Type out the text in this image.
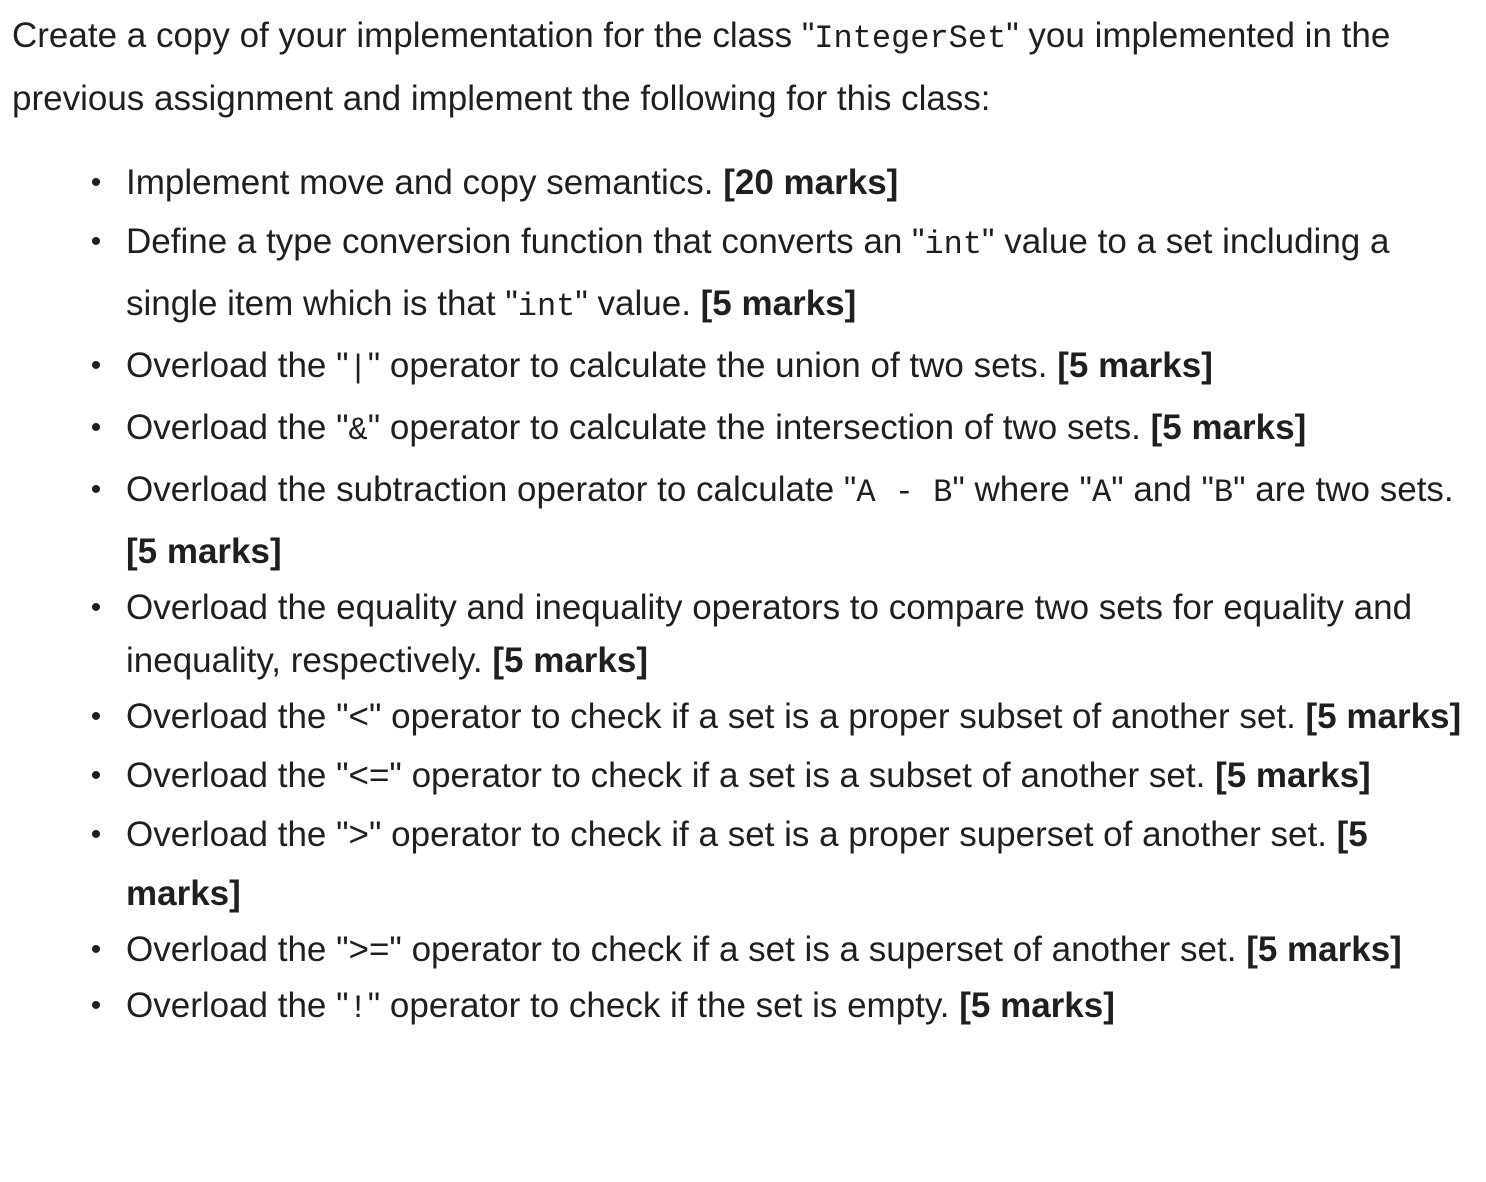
Create a copy of your implementation for the class "IntegerSet" you implemented in the previous assignment and implement the following for this class:

• Implement move and copy semantics. [20 marks]
• Define a type conversion function that converts an "int" value to a set including a single item which is that "int" value. [5 marks]
• Overload the "|" operator to calculate the union of two sets. [5 marks]
• Overload the "&" operator to calculate the intersection of two sets. [5 marks]
• Overload the subtraction operator to calculate "A - B" where "A" and "B" are two sets. [5 marks]
• Overload the equality and inequality operators to compare two sets for equality and inequality, respectively. [5 marks]
• Overload the "<" operator to check if a set is a proper subset of another set. [5 marks]
• Overload the "<=" operator to check if a set is a subset of another set. [5 marks]
• Overload the ">" operator to check if a set is a proper superset of another set. [5 marks]
• Overload the ">=" operator to check if a set is a superset of another set. [5 marks]
• Overload the "!" operator to check if the set is empty. [5 marks]
